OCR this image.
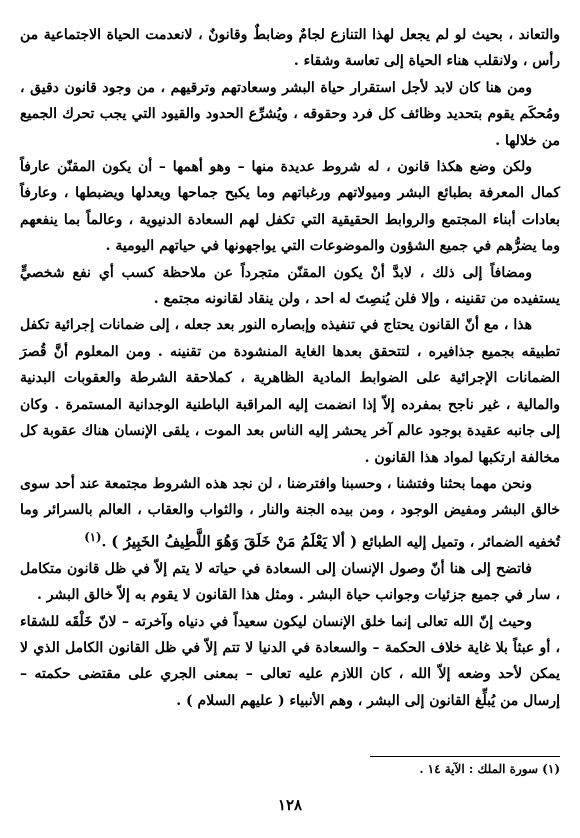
والتعاند ، بحيث لو لم يجعل لهذا التنازع لجامٌ وضابطٌ وقانونٌ ، لانعدمت الحياة الاجتماعية من رأس ، ولانقلب هناء الحياة إلى تعاسة وشقاء .

ومن هنا كان لابد لأجل استقرار حياة البشر وسعادتهم وترقيهم ، من وجود قانون دقيق ، ومُحكَم يقوم بتحديد وظائف كل فرد وحقوقه ، ويُشرِّع الحدود والقيود التي يجب تحرك الجميع من خلالها .

ولكن وضع هكذا قانون ، له شروط عديدة منها – وهو أهمها – أن يكون المقنّن عارفاً كمال المعرفة بطبائع البشر وميولاتهم ورغباتهم وما يكبح جماحها ويعدلها ويضبطها ، وعارفاً بعادات أبناء المجتمع والروابط الحقيقية التي تكفل لهم السعادة الدنيوية ، وعالماً بما ينفعهم وما يضرُّهم في جميع الشؤون والموضوعات التي يواجهونها في حياتهم اليومية .

ومضافاً إلى ذلك ، لابدَّ أنْ يكون المقنّن متجرداً عن ملاحظة كسب أي نفع شخصيٍّ يستفيده من تقنينه ، وإلا فلن يُنصِتَ له احد ، ولن ينقاد لقانونه مجتمع .

هذا ، مع أنّ القانون يحتاج في تنفيذه وإبصاره النور بعد جعله ، إلى ضمانات إجرائية تكفل تطبيقه بجميع جذافيره ، لتتحقق بعدها الغاية المنشودة من تقنينه . ومن المعلوم أنَّ قُصرَ الضمانات الإجرائية على الضوابط المادية الظاهرية ، كملاحقة الشرطة والعقوبات البدنية والمالية ، غير ناجح بمفرده إلاّ إذا انضمت إليه المراقبة الباطنية الوجدانية المستمرة . وكان إلى جانبه عقيدة بوجود عالم آخر يحشر إليه الناس بعد الموت ، يلقى الإنسان هناك عقوبة كل مخالفة ارتكبها لمواد هذا القانون .

ونحن مهما بحثنا وفتشنا ، وحسبنا وافترضنا ، لن نجد هذه الشروط مجتمعة عند أحد سوى خالق البشر ومفيض الوجود ، ومن بيده الجنة والنار ، والثواب والعقاب ، العالم بالسرائر وما تُخفيه الضمائر ، وتميل إليه الطبائع ( ألا يَعْلَمُ مَنْ خَلَقَ وَهُوَ اللَّطِيفُ الخَبِيرُ ) .$^{(١)}$

فاتضح إلى هنا أنّ وصول الإنسان إلى السعادة في حياته لا يتم إلاّ في ظل قانون متكامل ، سار في جميع جزئيات وجوانب حياة البشر . ومثل هذا القانون لا يقوم به إلاّ خالق البشر .

وحيث إنّ الله تعالى إنما خلق الإنسان ليكون سعيداً في دنياه وآخرته – لانّ خَلْقَه للشقاء ، أو عبثاً بلا غاية خلاف الحكمة – والسعادة في الدنيا لا تتم إلاّ في ظل القانون الكامل الذي لا يمكن لأحد وضعه إلاّ الله ، كان اللازم عليه تعالى – بمعنى الجري على مقتضى حكمته – إرسال من يُبلِّغ القانون إلى البشر ، وهم الأنبياء ( عليهم السلام ) .

(١) سورة الملك : الآية ١٤ .
١٢٨
